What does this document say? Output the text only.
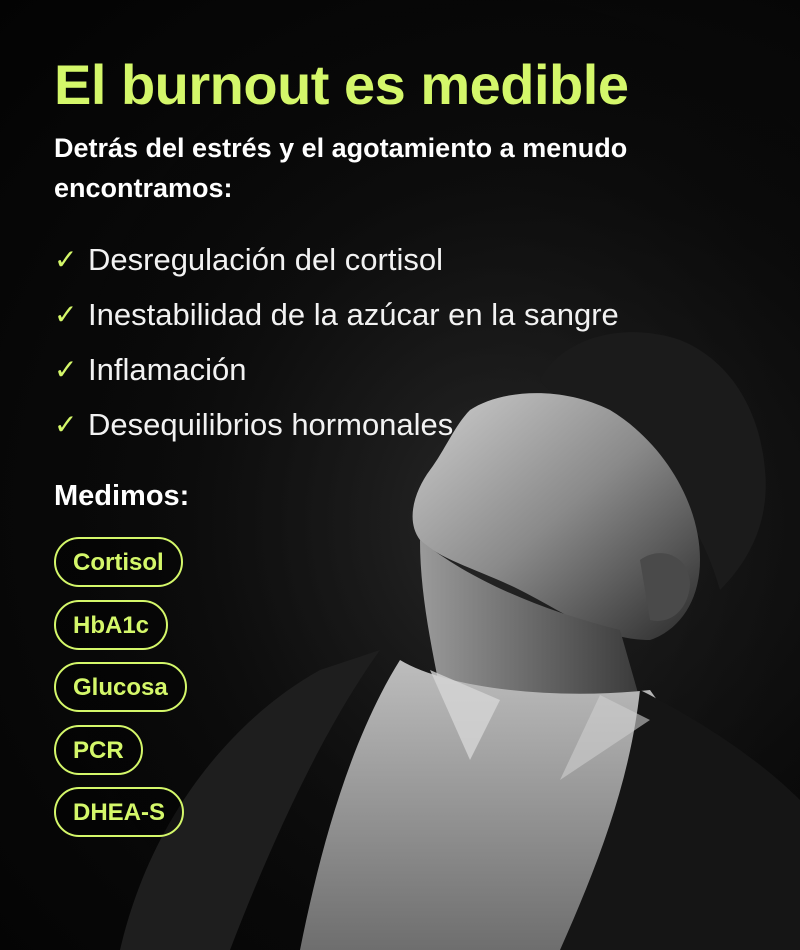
El burnout es medible

Detrás del estrés y el agotamiento a menudo encontramos:

✓ Desregulación del cortisol
✓ Inestabilidad de la azúcar en la sangre
✓ Inflamación
✓ Desequilibrios hormonales
Medimos:
Cortisol
HbA1c
Glucosa
PCR
DHEA-S
